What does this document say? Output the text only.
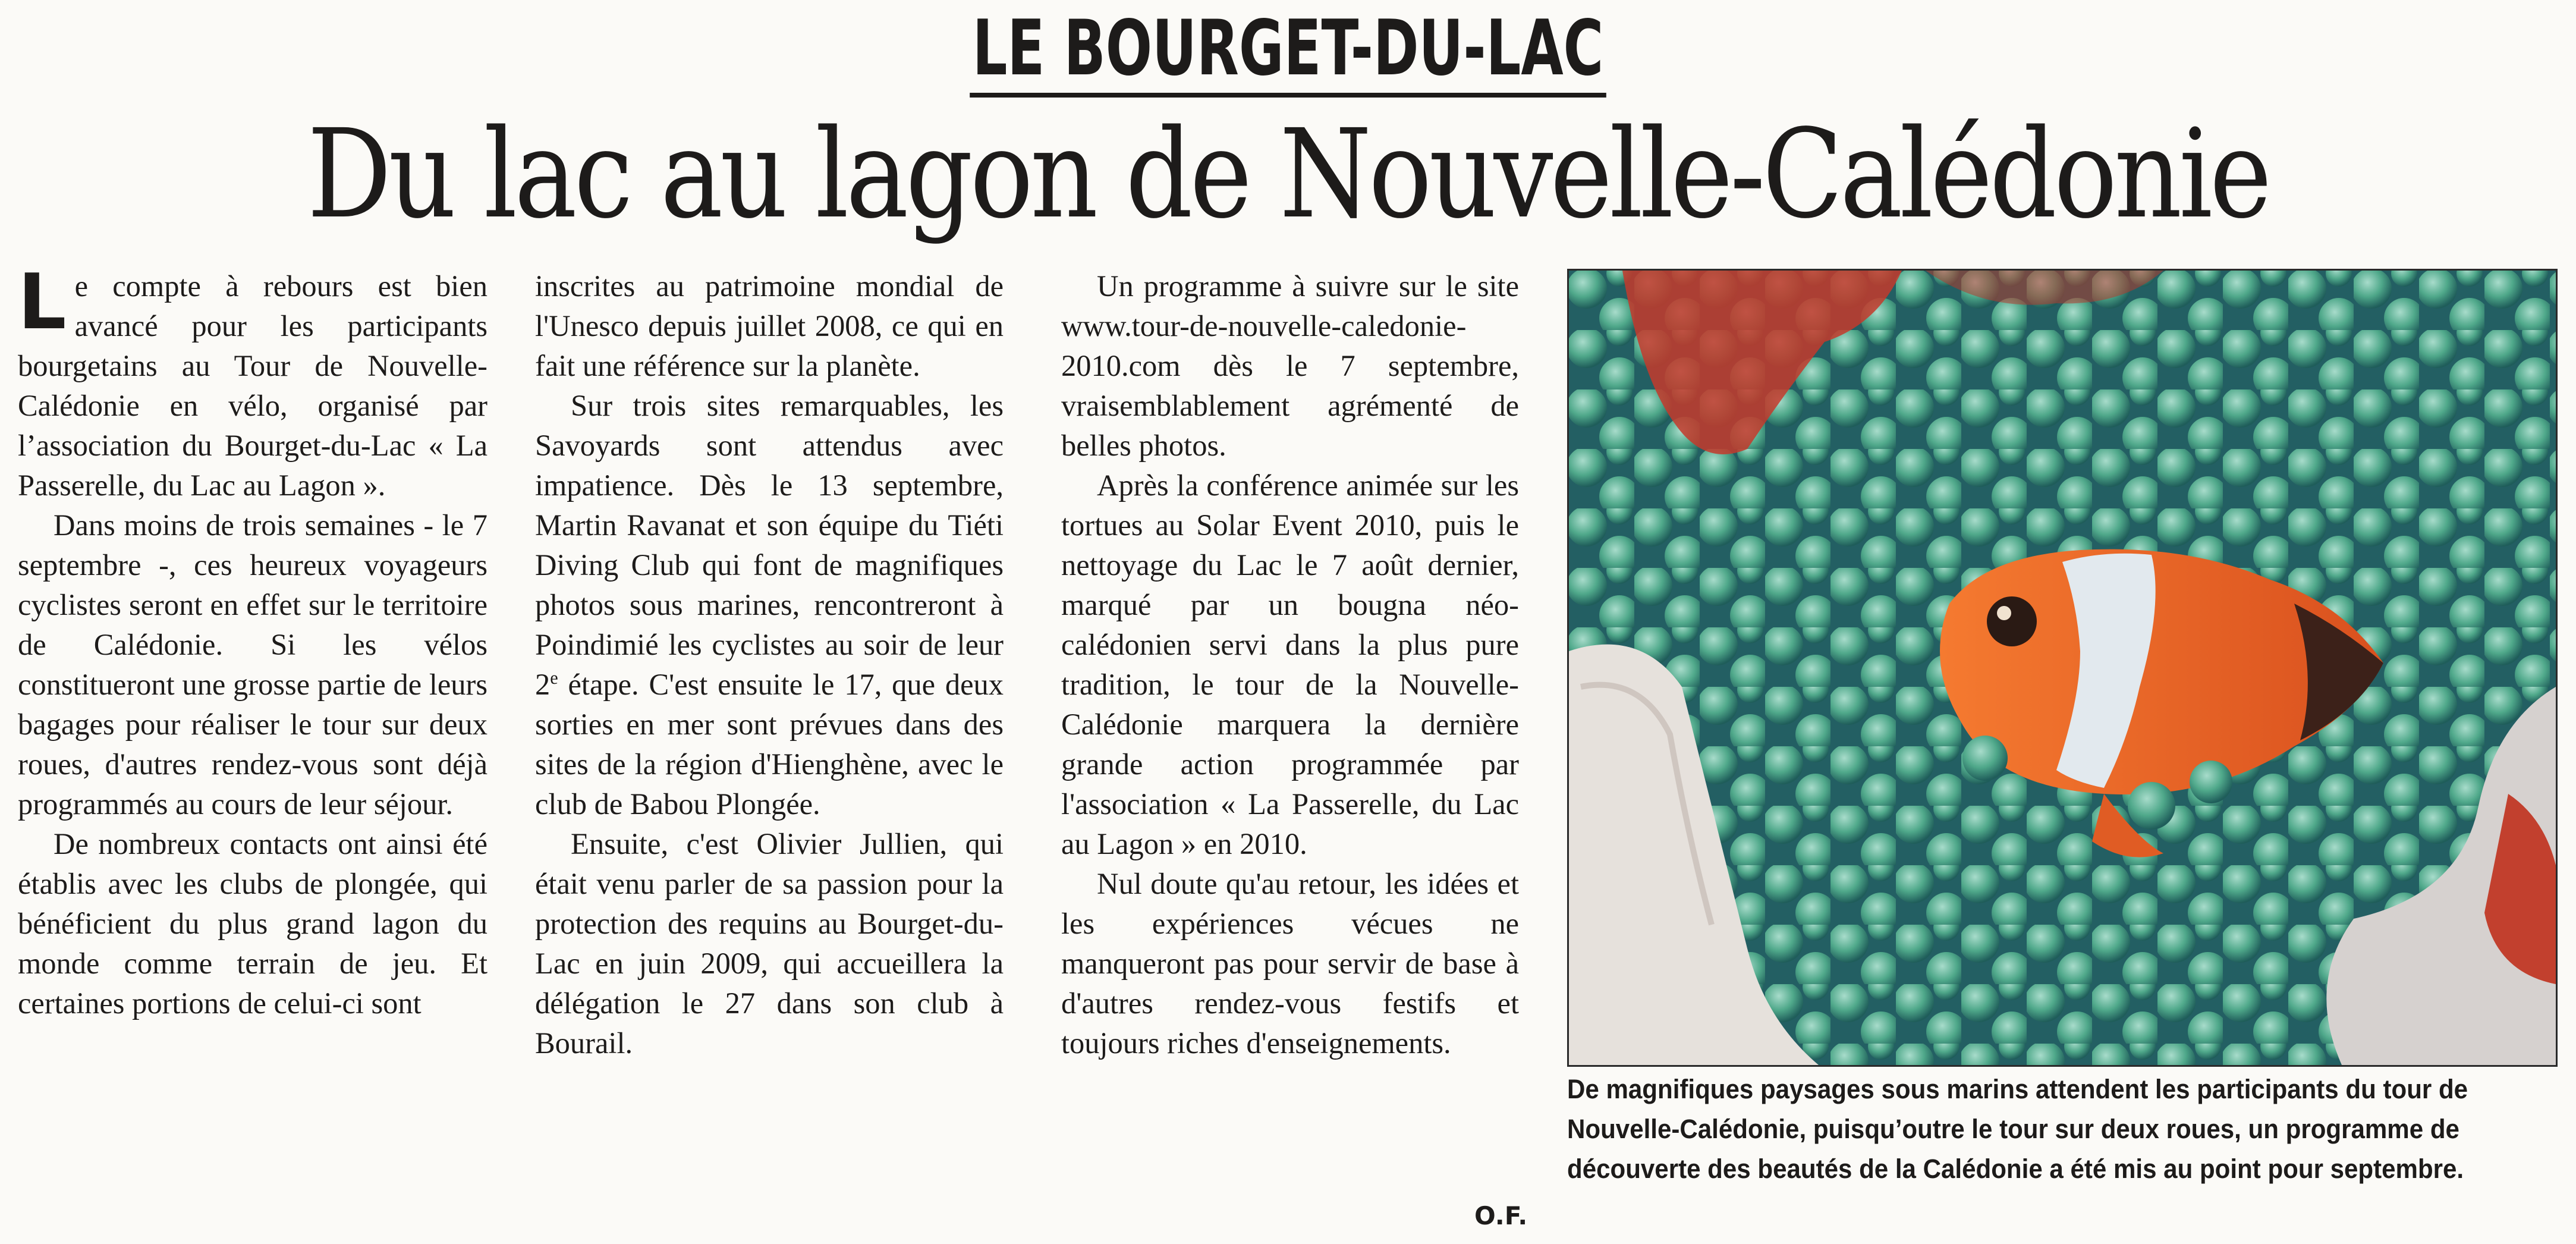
LE BOURGET-DU-LAC
Du lac au lagon de Nouvelle-Calédonie

Le compte à rebours est bien avancé pour les participants bourgetains au Tour de Nouvelle-Calédonie en vélo, organisé par l’association du Bourget-du-Lac « La Passerelle, du Lac au Lagon ».

Dans moins de trois semaines - le 7 septembre -, ces heureux voyageurs cyclistes seront en effet sur le territoire de Calédonie. Si les vélos constitueront une grosse partie de leurs bagages pour réaliser le tour sur deux roues, d'autres rendez-vous sont déjà programmés au cours de leur séjour.

De nombreux contacts ont ainsi été établis avec les clubs de plongée, qui bénéficient du plus grand lagon du monde comme terrain de jeu. Et certaines portions de celui-ci sont

inscrites au patrimoine mondial de l'Unesco depuis juillet 2008, ce qui en fait une référence sur la planète.

Sur trois sites remarquables, les Savoyards sont attendus avec impatience. Dès le 13 septembre, Martin Ravanat et son équipe du Tiéti Diving Club qui font de magnifiques photos sous marines, rencontreront à Poindimié les cyclistes au soir de leur 2e étape. C'est ensuite le 17, que deux sorties en mer sont prévues dans des sites de la région d'Hienghène, avec le club de Babou Plongée.

Ensuite, c'est Olivier Jullien, qui était venu parler de sa passion pour la protection des requins au Bourget-du-Lac en juin 2009, qui accueillera la délégation le 27 dans son club à Bourail.

Un programme à suivre sur le site www.tour-de-nouvelle-caledonie-2010.com dès le 7 septembre, vraisemblablement agrémenté de belles photos.

Après la conférence animée sur les tortues au Solar Event 2010, puis le nettoyage du Lac le 7 août dernier, marqué par un bougna néo-calédonien servi dans la plus pure tradition, le tour de la Nouvelle-Calédonie marquera la dernière grande action programmée par l'association « La Passerelle, du Lac au Lagon » en 2010.

Nul doute qu'au retour, les idées et les expériences vécues ne manqueront pas pour servir de base à d'autres rendez-vous festifs et toujours riches d'enseignements.

O.F.
De magnifiques paysages sous marins attendent les participants du tour de Nouvelle-Calédonie, puisqu’outre le tour sur deux roues, un programme de découverte des beautés de la Calédonie a été mis au point pour septembre.
